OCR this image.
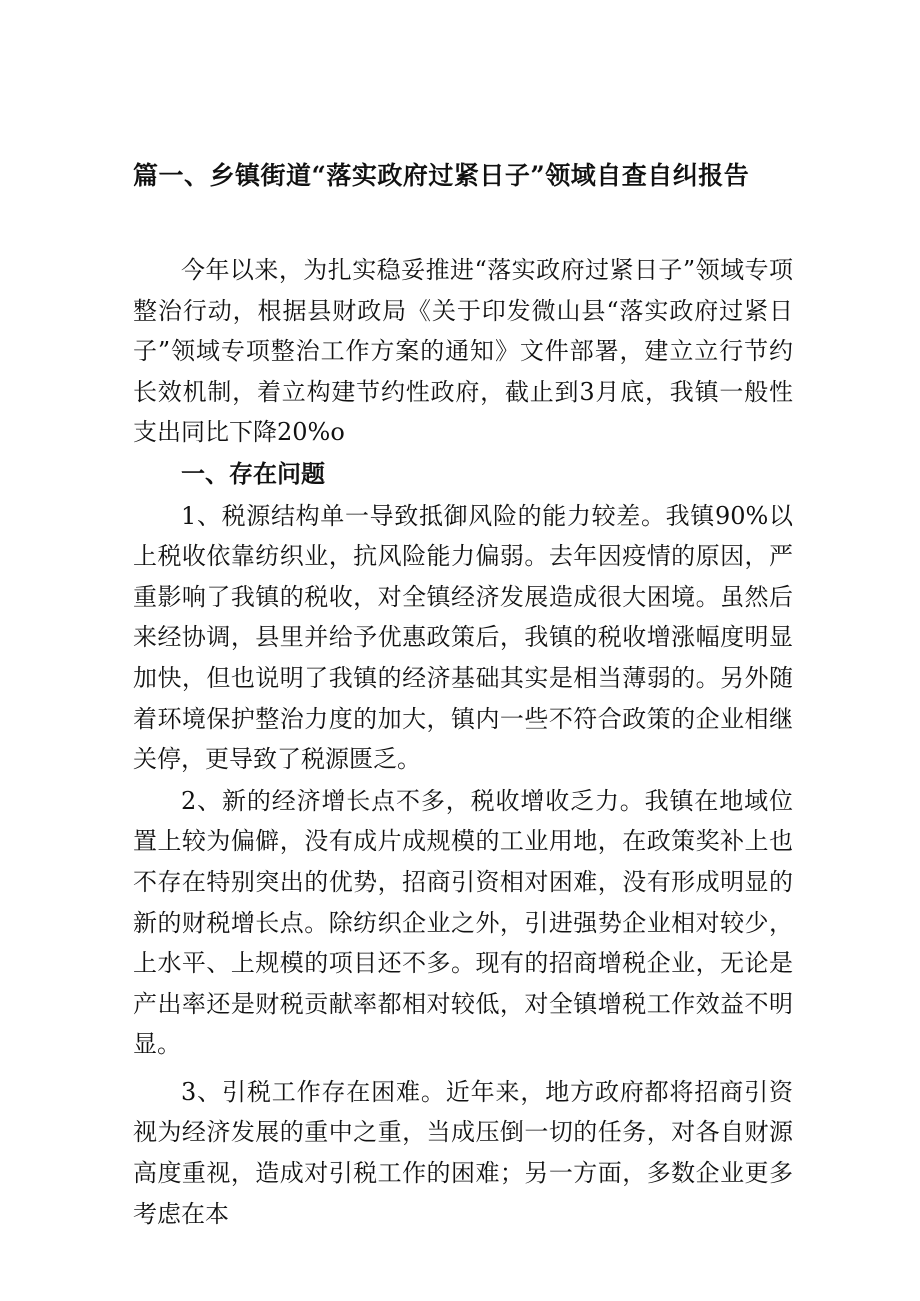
篇一、乡镇街道“落实政府过紧日子”领域自查自纠报告

今年以来，为扎实稳妥推进“落实政府过紧日子”领域专项整治行动，根据县财政局《关于印发微山县“落实政府过紧日子”领域专项整治工作方案的通知》文件部署，建立立行节约长效机制，着立构建节约性政府，截止到3月底，我镇一般性支出同比下降20%o

一、存在问题

1、税源结构单一导致抵御风险的能力较差。我镇90%以上税收依靠纺织业，抗风险能力偏弱。去年因疫情的原因，严重影响了我镇的税收，对全镇经济发展造成很大困境。虽然后来经协调，县里并给予优惠政策后，我镇的税收增涨幅度明显加快，但也说明了我镇的经济基础其实是相当薄弱的。另外随着环境保护整治力度的加大，镇内一些不符合政策的企业相继关停，更导致了税源匮乏。

2、新的经济增长点不多，税收增收乏力。我镇在地域位置上较为偏僻，没有成片成规模的工业用地，在政策奖补上也不存在特别突出的优势，招商引资相对困难，没有形成明显的新的财税增长点。除纺织企业之外，引进强势企业相对较少，上水平、上规模的项目还不多。现有的招商增税企业，无论是产出率还是财税贡献率都相对较低，对全镇增税工作效益不明显。

3、引税工作存在困难。近年来，地方政府都将招商引资视为经济发展的重中之重，当成压倒一切的任务，对各自财源高度重视，造成对引税工作的困难；另一方面，多数企业更多考虑在本
